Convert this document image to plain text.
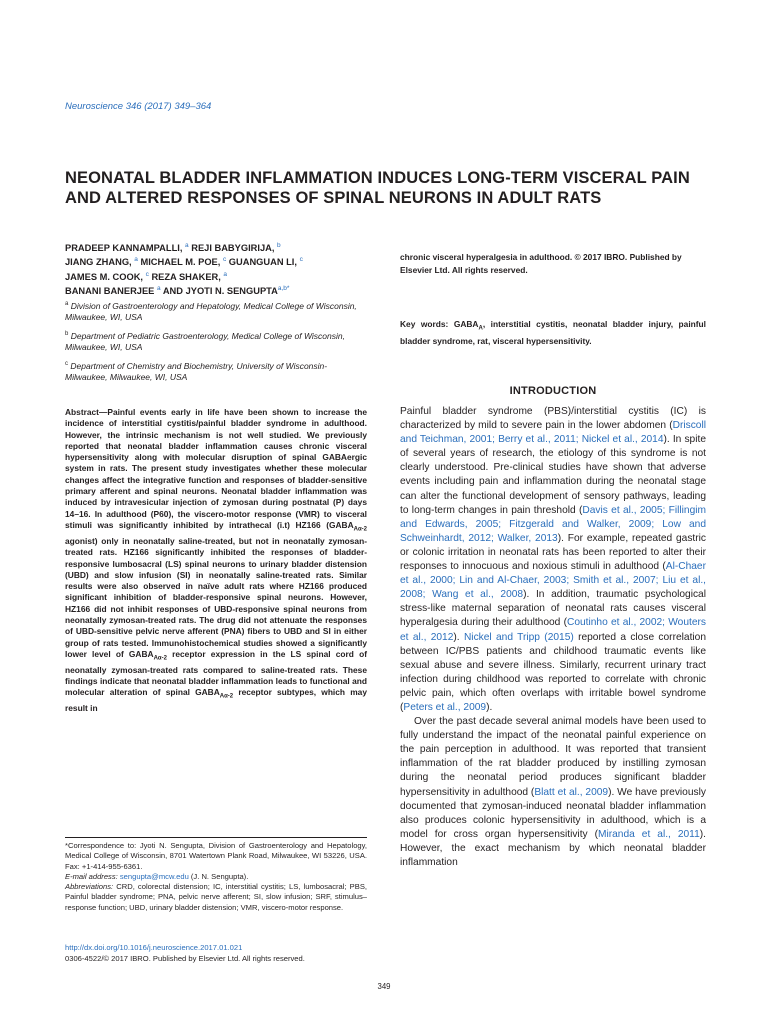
Neuroscience 346 (2017) 349–364
NEONATAL BLADDER INFLAMMATION INDUCES LONG-TERM VISCERAL PAIN AND ALTERED RESPONSES OF SPINAL NEURONS IN ADULT RATS
PRADEEP KANNAMPALLI, $^a$ REJI BABYGIRIJA, $^b$
JIANG ZHANG, $^a$ MICHAEL M. POE, $^c$ GUANGUAN LI, $^c$
JAMES M. COOK, $^c$ REZA SHAKER, $^a$
BANANI BANERJEE $^a$ AND JYOTI N. $SENGUPTA^{a,b*}$
$^a$ Division of Gastroenterology and Hepatology, Medical College of Wisconsin, Milwaukee, WI, USA
$^b$ Department of Pediatric Gastroenterology, Medical College of Wisconsin, Milwaukee, WI, USA
$^c$ Department of Chemistry and Biochemistry, University of Wisconsin-Milwaukee, Milwaukee, WI, USA
Abstract—Painful events early in life have been shown to increase the incidence of interstitial cystitis/painful bladder syndrome in adulthood. However, the intrinsic mechanism is not well studied. We previously reported that neonatal bladder inflammation causes chronic visceral hypersensitivity along with molecular disruption of spinal GABAergic system in rats. The present study investigates whether these molecular changes affect the integrative function and responses of bladder-sensitive primary afferent and spinal neurons. Neonatal bladder inflammation was induced by intravesicular injection of zymosan during postnatal (P) days 14–16. In adulthood (P60), the viscero-motor response (VMR) to visceral stimuli was significantly inhibited by intrathecal (i.t) HZ166 ($GABA_{A\alpha-2}$ agonist) only in neonatally saline-treated, but not in neonatally zymosan-treated rats. HZ166 significantly inhibited the responses of bladder-responsive lumbosacral (LS) spinal neurons to urinary bladder distension (UBD) and slow infusion (SI) in neonatally saline-treated rats. Similar results were also observed in naïve adult rats where HZ166 produced significant inhibition of bladder-responsive spinal neurons. However, HZ166 did not inhibit responses of UBD-responsive spinal neurons from neonatally zymosan-treated rats. The drug did not attenuate the responses of UBD-sensitive pelvic nerve afferent (PNA) fibers to UBD and SI in either group of rats tested. Immunohistochemical studies showed a significantly lower level of $GABA_{A\alpha-2}$ receptor expression in the LS spinal cord of neonatally zymosan-treated rats compared to saline-treated rats. These findings indicate that neonatal bladder inflammation leads to functional and molecular alteration of spinal $GABA_{A\alpha-2}$ receptor subtypes, which may result in
chronic visceral hyperalgesia in adulthood. © 2017 IBRO. Published by Elsevier Ltd. All rights reserved.
Key words: $GABA_A$, interstitial cystitis, neonatal bladder injury, painful bladder syndrome, rat, visceral hypersensitivity.
INTRODUCTION

Painful bladder syndrome (PBS)/interstitial cystitis (IC) is characterized by mild to severe pain in the lower abdomen (Driscoll and Teichman, 2001; Berry et al., 2011; Nickel et al., 2014). In spite of several years of research, the etiology of this syndrome is not clearly understood. Pre-clinical studies have shown that adverse events including pain and inflammation during the neonatal stage can alter the functional development of sensory pathways, leading to long-term changes in pain threshold (Davis et al., 2005; Fillingim and Edwards, 2005; Fitzgerald and Walker, 2009; Low and Schweinhardt, 2012; Walker, 2013). For example, repeated gastric or colonic irritation in neonatal rats has been reported to alter their responses to innocuous and noxious stimuli in adulthood (Al-Chaer et al., 2000; Lin and Al-Chaer, 2003; Smith et al., 2007; Liu et al., 2008; Wang et al., 2008). In addition, traumatic psychological stress-like maternal separation of neonatal rats causes visceral hyperalgesia during their adulthood (Coutinho et al., 2002; Wouters et al., 2012). Nickel and Tripp (2015) reported a close correlation between IC/PBS patients and childhood traumatic events like sexual abuse and severe illness. Similarly, recurrent urinary tract infection during childhood was reported to correlate with chronic pelvic pain, which often overlaps with irritable bowel syndrome (Peters et al., 2009).

Over the past decade several animal models have been used to fully understand the impact of the neonatal painful experience on the pain perception in adulthood. It was reported that transient inflammation of the rat bladder produced by instilling zymosan during the neonatal period produces significant bladder hypersensitivity in adulthood (Blatt et al., 2009). We have previously documented that zymosan-induced neonatal bladder inflammation also produces colonic hypersensitivity in adulthood, which is a model for cross organ hypersensitivity (Miranda et al., 2011). However, the exact mechanism by which neonatal bladder inflammation

*Correspondence to: Jyoti N. Sengupta, Division of Gastroenterology and Hepatology, Medical College of Wisconsin, 8701 Watertown Plank Road, Milwaukee, WI 53226, USA. Fax: +1-414-955-6361.

E-mail address: sengupta@mcw.edu (J. N. Sengupta).

Abbreviations: CRD, colorectal distension; IC, interstitial cystitis; LS, lumbosacral; PBS, Painful bladder syndrome; PNA, pelvic nerve afferent; SI, slow infusion; SRF, stimulus–response function; UBD, urinary bladder distension; VMR, viscero-motor response.

http://dx.doi.org/10.1016/j.neuroscience.2017.01.021
0306-4522/© 2017 IBRO. Published by Elsevier Ltd. All rights reserved.
349
